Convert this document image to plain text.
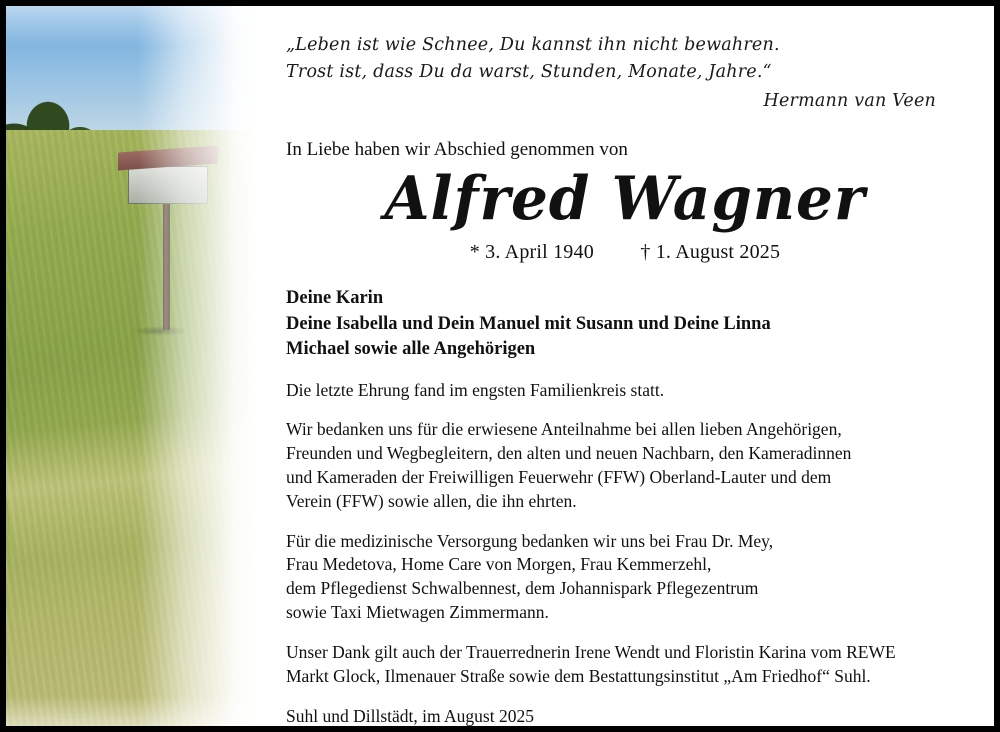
„Leben ist wie Schnee, Du kannst ihn nicht bewahren.
Trost ist, dass Du da warst, Stunden, Monate, Jahre.“
Hermann van Veen
In Liebe haben wir Abschied genommen von
Alfred Wagner
* 3. April 1940 † 1. August 2025
Deine Karin
Deine Isabella und Dein Manuel mit Susann und Deine Linna
Michael sowie alle Angehörigen
Die letzte Ehrung fand im engsten Familienkreis statt.
Wir bedanken uns für die erwiesene Anteilnahme bei allen lieben Angehörigen,
Freunden und Wegbegleitern, den alten und neuen Nachbarn, den Kameradinnen
und Kameraden der Freiwilligen Feuerwehr (FFW) Oberland-Lauter und dem
Verein (FFW) sowie allen, die ihn ehrten.
Für die medizinische Versorgung bedanken wir uns bei Frau Dr. Mey,
Frau Medetova, Home Care von Morgen, Frau Kemmerzehl,
dem Pflegedienst Schwalbennest, dem Johannispark Pflegezentrum
sowie Taxi Mietwagen Zimmermann.
Unser Dank gilt auch der Trauerrednerin Irene Wendt und Floristin Karina vom REWE
Markt Glock, Ilmenauer Straße sowie dem Bestattungsinstitut „Am Friedhof“ Suhl.
Suhl und Dillstädt, im August 2025
